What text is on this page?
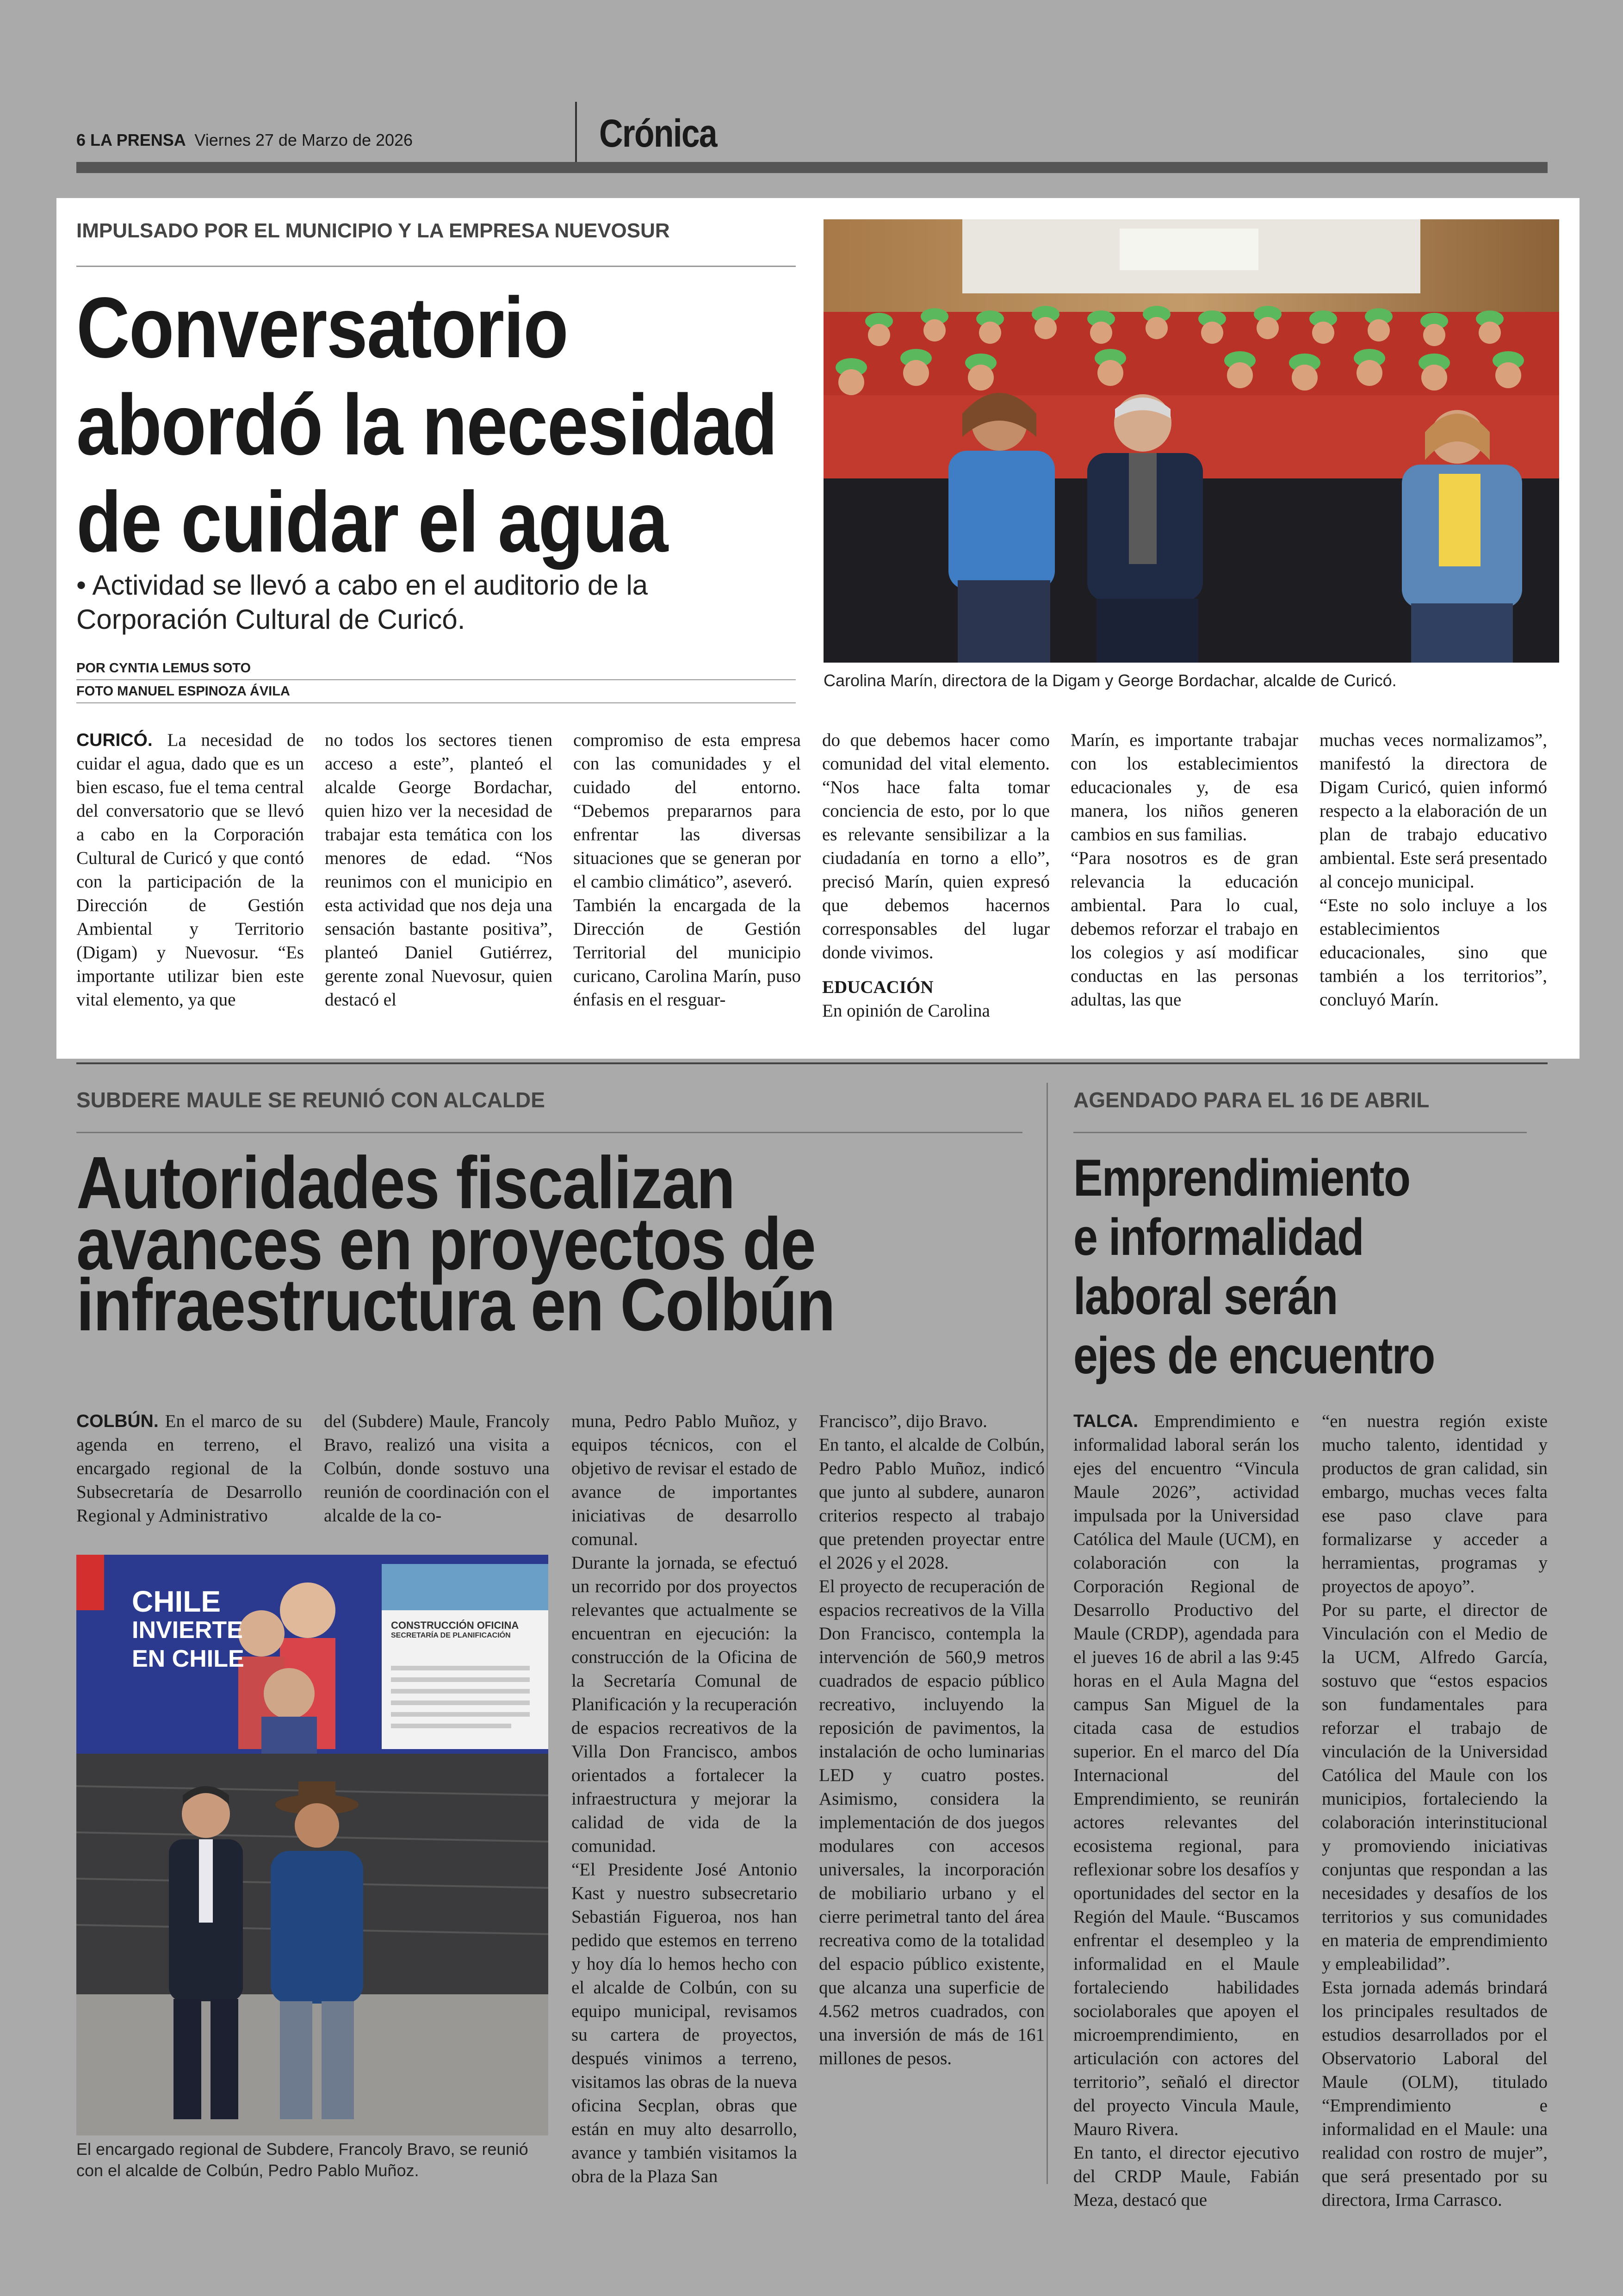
6 LA PRENSA Viernes 27 de Marzo de 2026	Crónica
IMPULSADO POR EL MUNICIPIO Y LA EMPRESA NUEVOSUR
Conversatorio
abordó la necesidad
de cuidar el agua
• Actividad se llevó a cabo en el auditorio de la Corporación Cultural de Curicó.
POR CYNTIA LEMUS SOTO
FOTO MANUEL ESPINOZA ÁVILA
Carolina Marín, directora de la Digam y George Bordachar, alcalde de Curicó.

CURICÓ. La necesidad de cuidar el agua, dado que es un bien escaso, fue el tema central del conversatorio que se llevó a cabo en la Corporación Cultural de Curicó y que contó con la participación de la Dirección de Gestión Ambiental y Territorio (Digam) y Nuevosur. “Es importante utilizar bien este vital elemento, ya que

no todos los sectores tienen acceso a este”, planteó el alcalde George Bordachar, quien hizo ver la necesidad de trabajar esta temática con los menores de edad. “Nos reunimos con el municipio en esta actividad que nos deja una sensación bastante positiva”, planteó Daniel Gutiérrez, gerente zonal Nuevosur, quien destacó el

compromiso de esta empresa con las comunidades y el cuidado del entorno. “Debemos prepararnos para enfrentar las diversas situaciones que se generan por el cambio climático”, aseveró.

También la encargada de la Dirección de Gestión Territorial del municipio curicano, Carolina Marín, puso énfasis en el resguar-

do que debemos hacer como comunidad del vital elemento. “Nos hace falta tomar conciencia de esto, por lo que es relevante sensibilizar a la ciudadanía en torno a ello”, precisó Marín, quien expresó que debemos hacernos corresponsables del lugar donde vivimos.

EDUCACIÓN

En opinión de Carolina

Marín, es importante trabajar con los establecimientos educacionales y, de esa manera, los niños generen cambios en sus familias.

“Para nosotros es de gran relevancia la educación ambiental. Para lo cual, debemos reforzar el trabajo en los colegios y así modificar conductas en las personas adultas, las que

muchas veces normalizamos”, manifestó la directora de Digam Curicó, quien informó respecto a la elaboración de un plan de trabajo educativo ambiental. Este será presentado al concejo municipal.

“Este no solo incluye a los establecimientos educacionales, sino que también a los territorios”, concluyó Marín.

SUBDERE MAULE SE REUNIÓ CON ALCALDE
Autoridades fiscalizan
avances en proyectos de
infraestructura en Colbún

COLBÚN. En el marco de su agenda en terreno, el encargado regional de la Subsecretaría de Desarrollo Regional y Administrativo

del (Subdere) Maule, Francoly Bravo, realizó una visita a Colbún, donde sostuvo una reunión de coordinación con el alcalde de la co-

CHILE
INVIERTE
EN CHILE
CONSTRUCCIÓN OFICINA
SECRETARÍA DE PLANIFICACIÓN
El encargado regional de Subdere, Francoly Bravo, se reunió con el alcalde de Colbún, Pedro Pablo Muñoz.

muna, Pedro Pablo Muñoz, y equipos técnicos, con el objetivo de revisar el estado de avance de importantes iniciativas de desarrollo comunal.

Durante la jornada, se efectuó un recorrido por dos proyectos relevantes que actualmente se encuentran en ejecución: la construcción de la Oficina de la Secretaría Comunal de Planificación y la recuperación de espacios recreativos de la Villa Don Francisco, ambos orientados a fortalecer la infraestructura y mejorar la calidad de vida de la comunidad.

“El Presidente José Antonio Kast y nuestro subsecretario Sebastián Figueroa, nos han pedido que estemos en terreno y hoy día lo hemos hecho con el alcalde de Colbún, con su equipo municipal, revisamos su cartera de proyectos, después vinimos a terreno, visitamos las obras de la nueva oficina Secplan, obras que están en muy alto desarrollo, avance y también visitamos la obra de la Plaza San

Francisco”, dijo Bravo.

En tanto, el alcalde de Colbún, Pedro Pablo Muñoz, indicó que junto al subdere, aunaron criterios respecto al trabajo que pretenden proyectar entre el 2026 y el 2028.

El proyecto de recuperación de espacios recreativos de la Villa Don Francisco, contempla la intervención de 560,9 metros cuadrados de espacio público recreativo, incluyendo la reposición de pavimentos, la instalación de ocho luminarias LED y cuatro postes. Asimismo, considera la implementación de dos juegos modulares con accesos universales, la incorporación de mobiliario urbano y el cierre perimetral tanto del área recreativa como de la totalidad del espacio público existente, que alcanza una superficie de 4.562 metros cuadrados, con una inversión de más de 161 millones de pesos.

AGENDADO PARA EL 16 DE ABRIL
Emprendimiento
e informalidad
laboral serán
ejes de encuentro

TALCA. Emprendimiento e informalidad laboral serán los ejes del encuentro “Vincula Maule 2026”, actividad impulsada por la Universidad Católica del Maule (UCM), en colaboración con la Corporación Regional de Desarrollo Productivo del Maule (CRDP), agendada para el jueves 16 de abril a las 9:45 horas en el Aula Magna del campus San Miguel de la citada casa de estudios superior. En el marco del Día Internacional del Emprendimiento, se reunirán actores relevantes del ecosistema regional, para reflexionar sobre los desafíos y oportunidades del sector en la Región del Maule. “Buscamos enfrentar el desempleo y la informalidad en el Maule fortaleciendo habilidades sociolaborales que apoyen el microemprendimiento, en articulación con actores del territorio”, señaló el director del proyecto Vincula Maule, Mauro Rivera.

En tanto, el director ejecutivo del CRDP Maule, Fabián Meza, destacó que

“en nuestra región existe mucho talento, identidad y productos de gran calidad, sin embargo, muchas veces falta ese paso clave para formalizarse y acceder a herramientas, programas y proyectos de apoyo”.

Por su parte, el director de Vinculación con el Medio de la UCM, Alfredo García, sostuvo que “estos espacios son fundamentales para reforzar el trabajo de vinculación de la Universidad Católica del Maule con los municipios, fortaleciendo la colaboración interinstitucional y promoviendo iniciativas conjuntas que respondan a las necesidades y desafíos de los territorios y sus comunidades en materia de emprendimiento y empleabilidad”.

Esta jornada además brindará los principales resultados de estudios desarrollados por el Observatorio Laboral del Maule (OLM), titulado “Emprendimiento e informalidad en el Maule: una realidad con rostro de mujer”, que será presentado por su directora, Irma Carrasco.
